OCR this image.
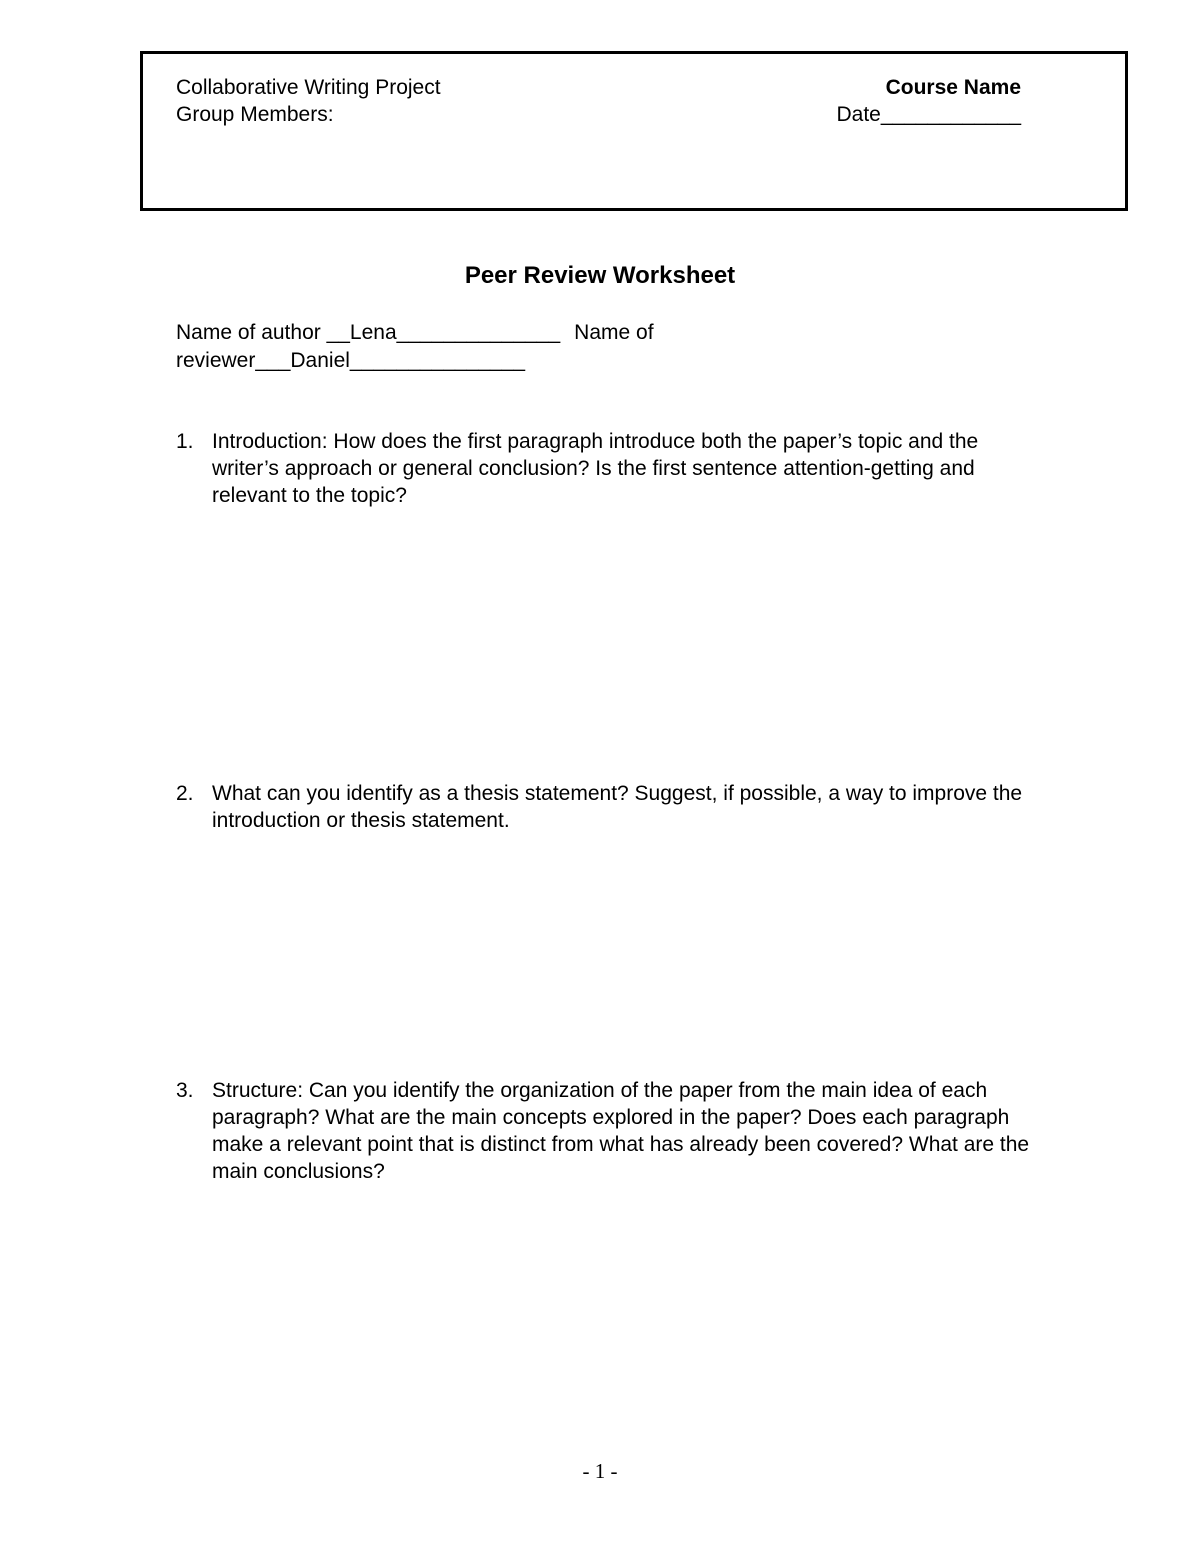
Collaborative Writing Project
Group Members:
Course Name
Date____________
Peer Review Worksheet
Name of author __Lena______________ Name of
reviewer___Daniel_______________
1. Introduction: How does the first paragraph introduce both the paper’s topic and the writer’s approach or general conclusion? Is the first sentence attention-getting and relevant to the topic?
2. What can you identify as a thesis statement? Suggest, if possible, a way to improve the introduction or thesis statement.
3. Structure: Can you identify the organization of the paper from the main idea of each paragraph? What are the main concepts explored in the paper? Does each paragraph make a relevant point that is distinct from what has already been covered? What are the main conclusions?
- 1 -
